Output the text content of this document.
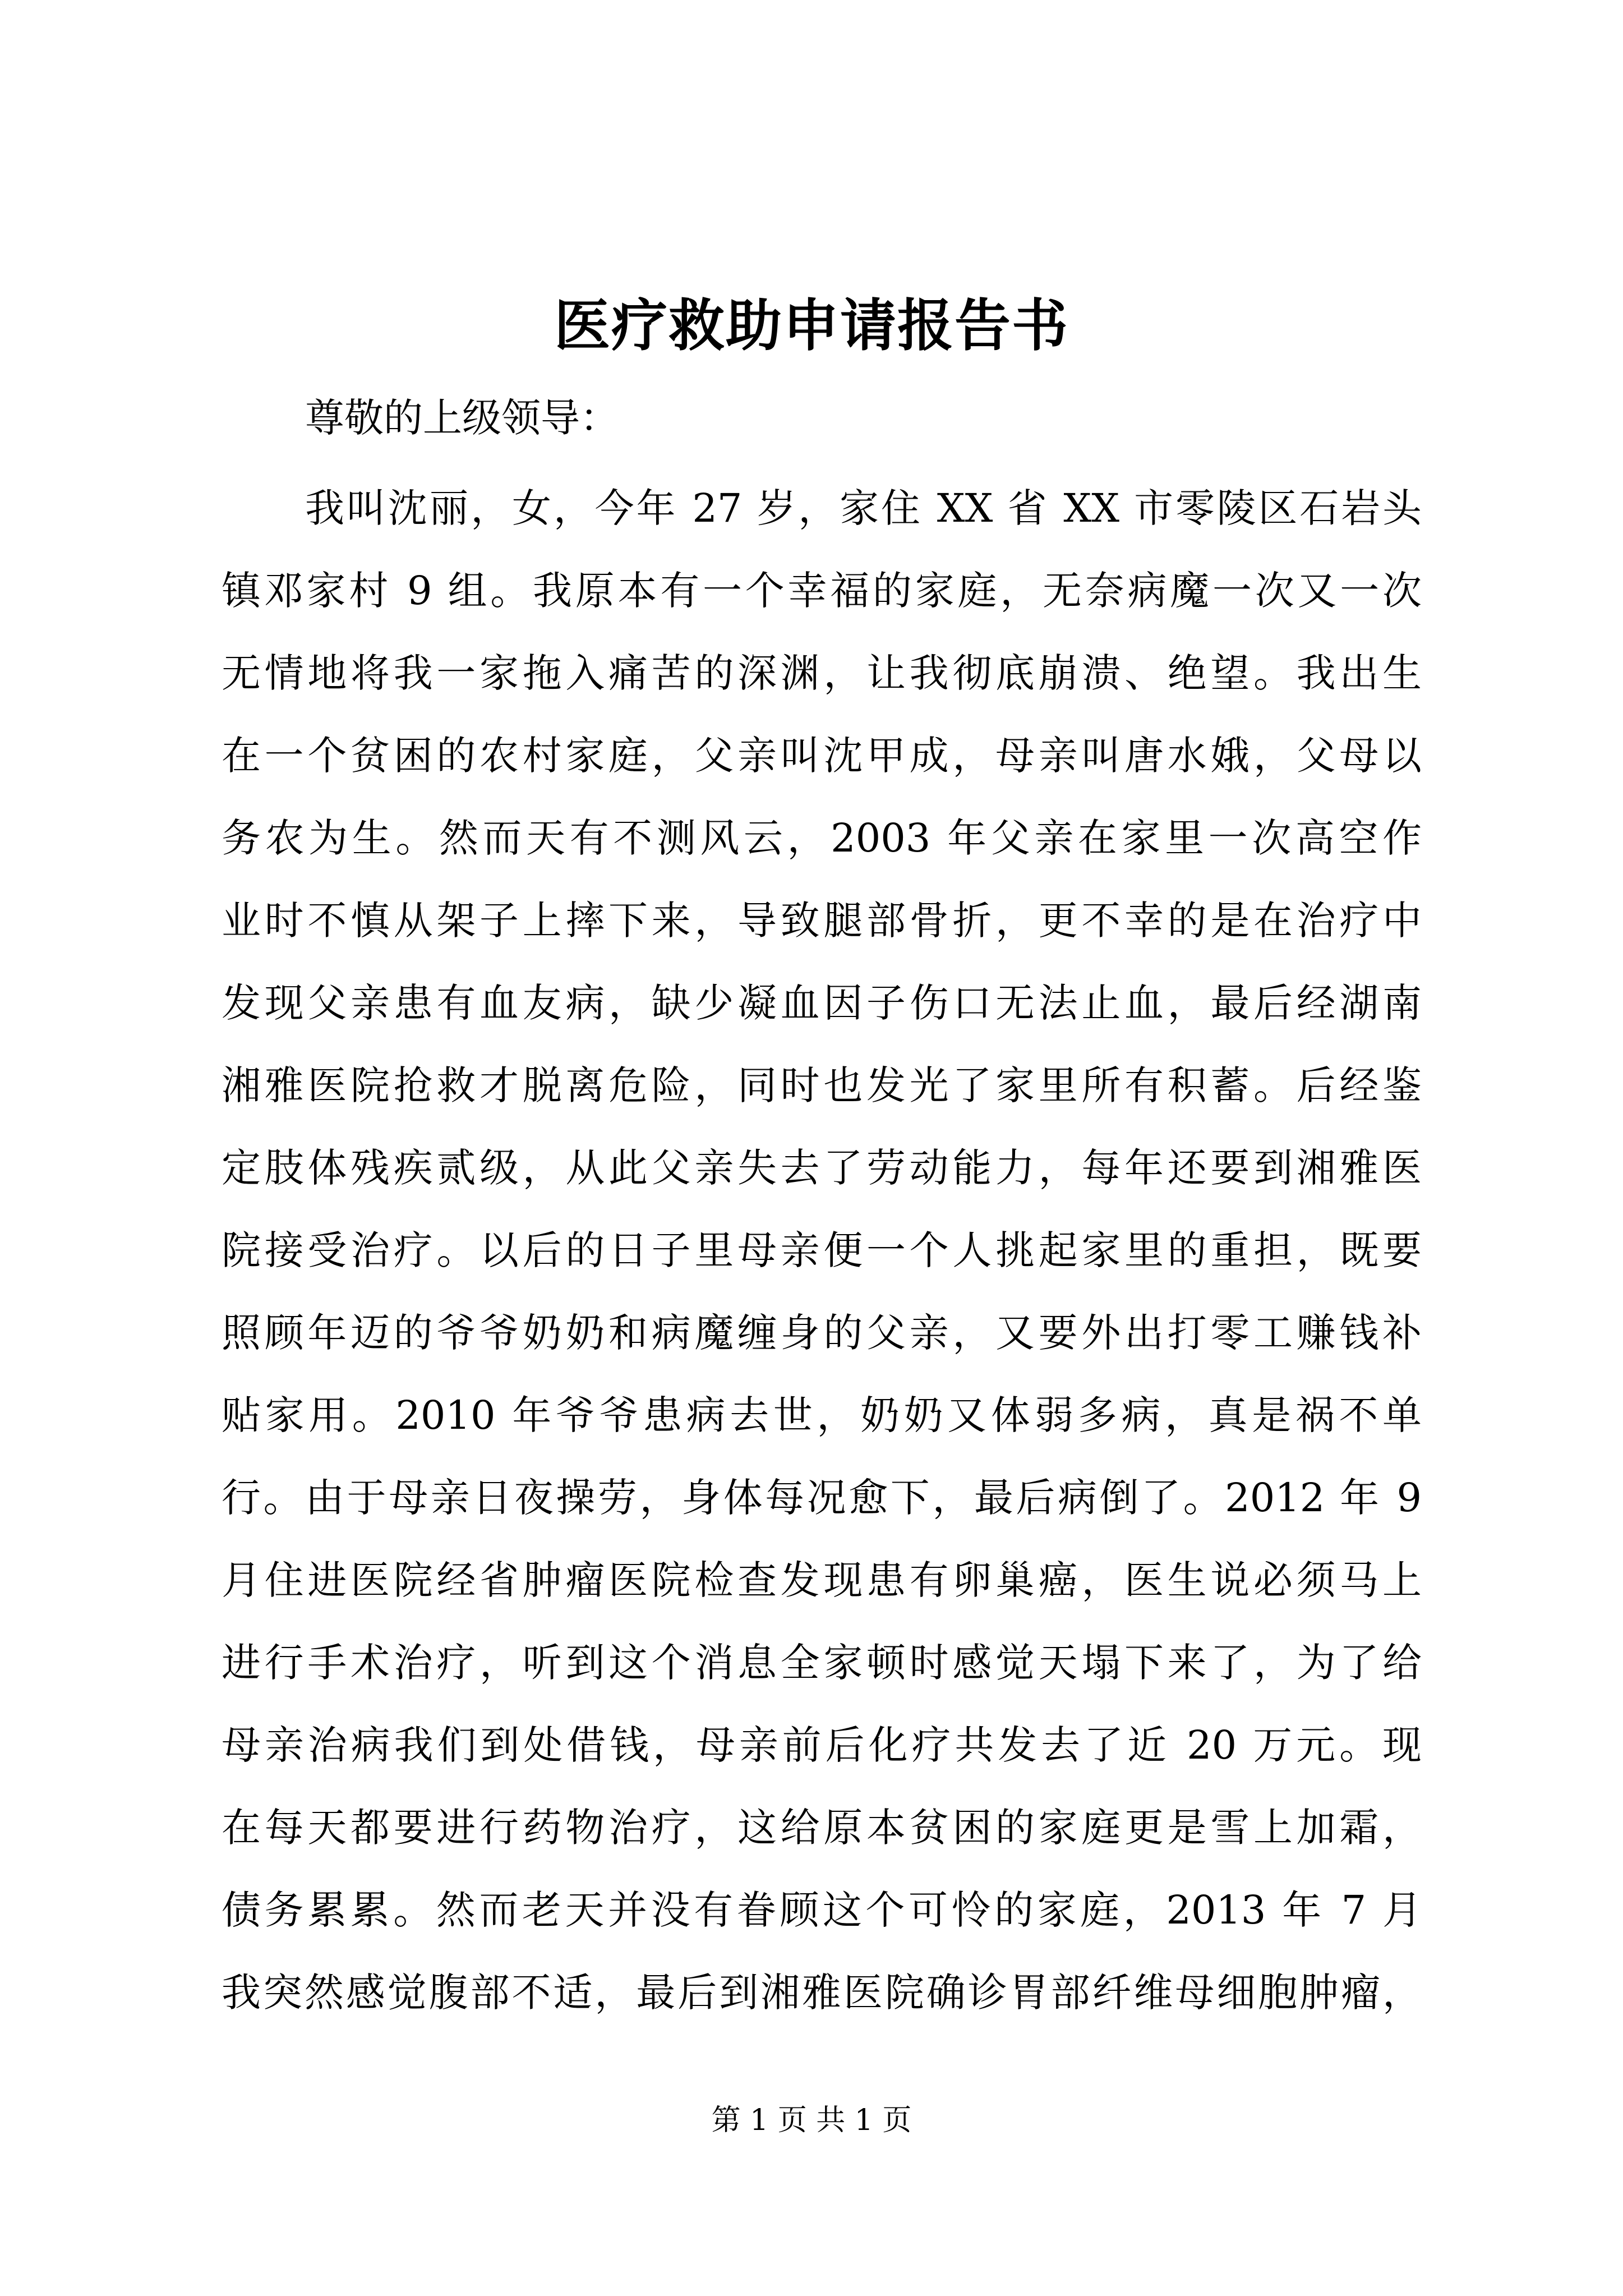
医疗救助申请报告书
尊敬的上级领导：
我叫沈丽，女，今年 27 岁，家住 XX 省 XX 市零陵区石岩头
镇邓家村 9 组。我原本有一个幸福的家庭，无奈病魔一次又一次
无情地将我一家拖入痛苦的深渊，让我彻底崩溃、绝望。我出生
在一个贫困的农村家庭，父亲叫沈甲成，母亲叫唐水娥，父母以
务农为生。然而天有不测风云，2003 年父亲在家里一次高空作
业时不慎从架子上摔下来，导致腿部骨折，更不幸的是在治疗中
发现父亲患有血友病，缺少凝血因子伤口无法止血，最后经湖南
湘雅医院抢救才脱离危险，同时也发光了家里所有积蓄。后经鉴
定肢体残疾贰级，从此父亲失去了劳动能力，每年还要到湘雅医
院接受治疗。以后的日子里母亲便一个人挑起家里的重担，既要
照顾年迈的爷爷奶奶和病魔缠身的父亲，又要外出打零工赚钱补
贴家用。2010 年爷爷患病去世，奶奶又体弱多病，真是祸不单
行。由于母亲日夜操劳，身体每况愈下，最后病倒了。2012 年 9
月住进医院经省肿瘤医院检查发现患有卵巢癌，医生说必须马上
进行手术治疗，听到这个消息全家顿时感觉天塌下来了，为了给
母亲治病我们到处借钱，母亲前后化疗共发去了近 20 万元。现
在每天都要进行药物治疗，这给原本贫困的家庭更是雪上加霜，
债务累累。然而老天并没有眷顾这个可怜的家庭，2013 年 7 月
我突然感觉腹部不适，最后到湘雅医院确诊胃部纤维母细胞肿瘤，
第 1 页 共 1 页
